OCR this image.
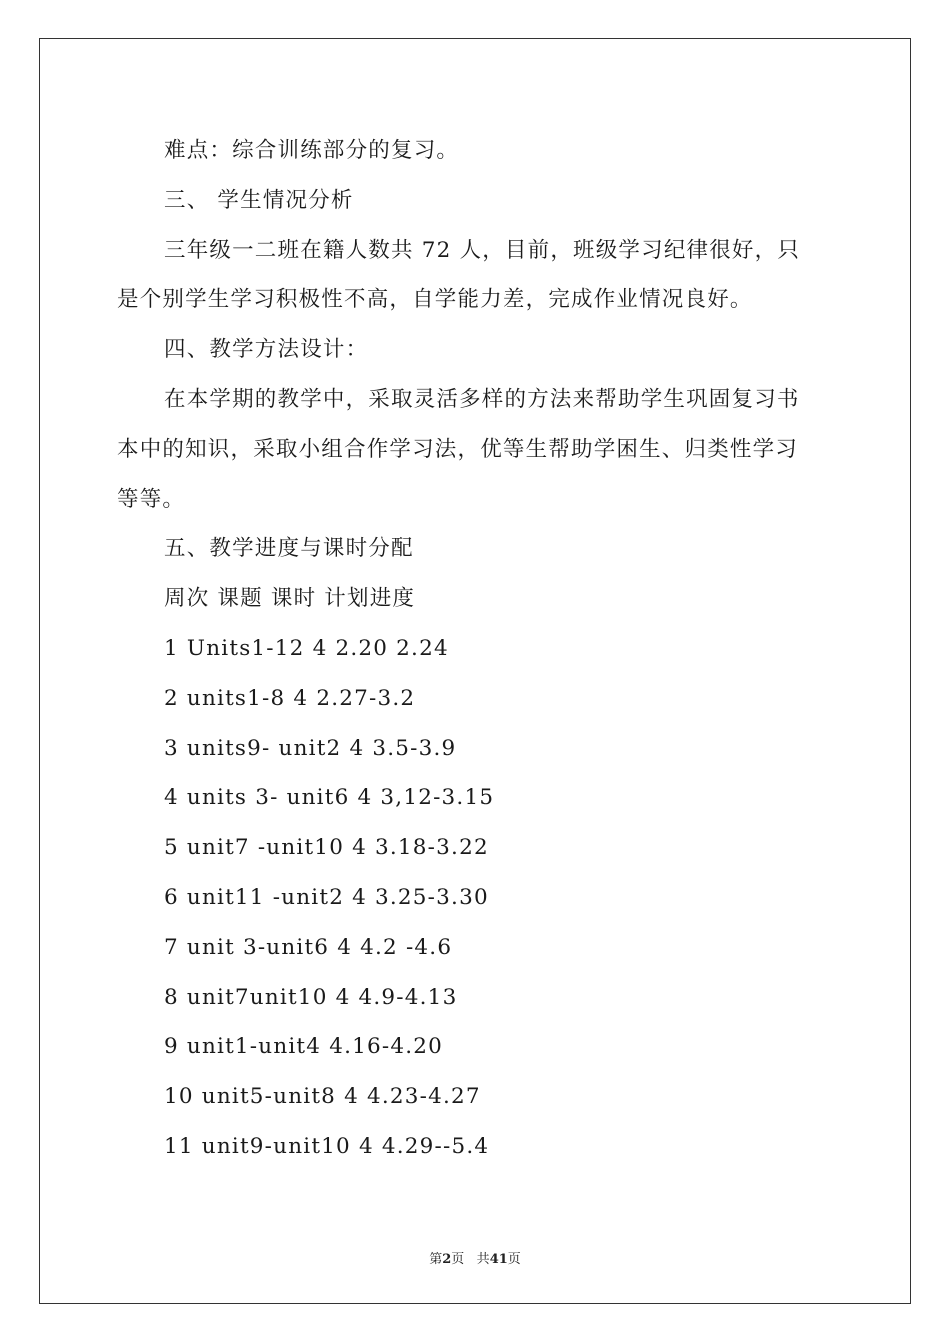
难点：综合训练部分的复习。
三、 学生情况分析
三年级一二班在籍人数共 72 人，目前，班级学习纪律很好，只
是个别学生学习积极性不高，自学能力差，完成作业情况良好。
四、教学方法设计：
在本学期的教学中，采取灵活多样的方法来帮助学生巩固复习书
本中的知识，采取小组合作学习法，优等生帮助学困生、归类性学习
等等。
五、教学进度与课时分配
周次 课题 课时 计划进度
1 Units1-12 4 2.20 2.24
2 units1-8 4 2.27-3.2
3 units9- unit2 4 3.5-3.9
4 units 3- unit6 4 3,12-3.15
5 unit7 -unit10 4 3.18-3.22
6 unit11 -unit2 4 3.25-3.30
7 unit 3-unit6 4 4.2 -4.6
8 unit7unit10 4 4.9-4.13
9 unit1-unit4 4.16-4.20
10 unit5-unit8 4 4.23-4.27
11 unit9-unit10 4 4.29--5.4
第2页 共41页
